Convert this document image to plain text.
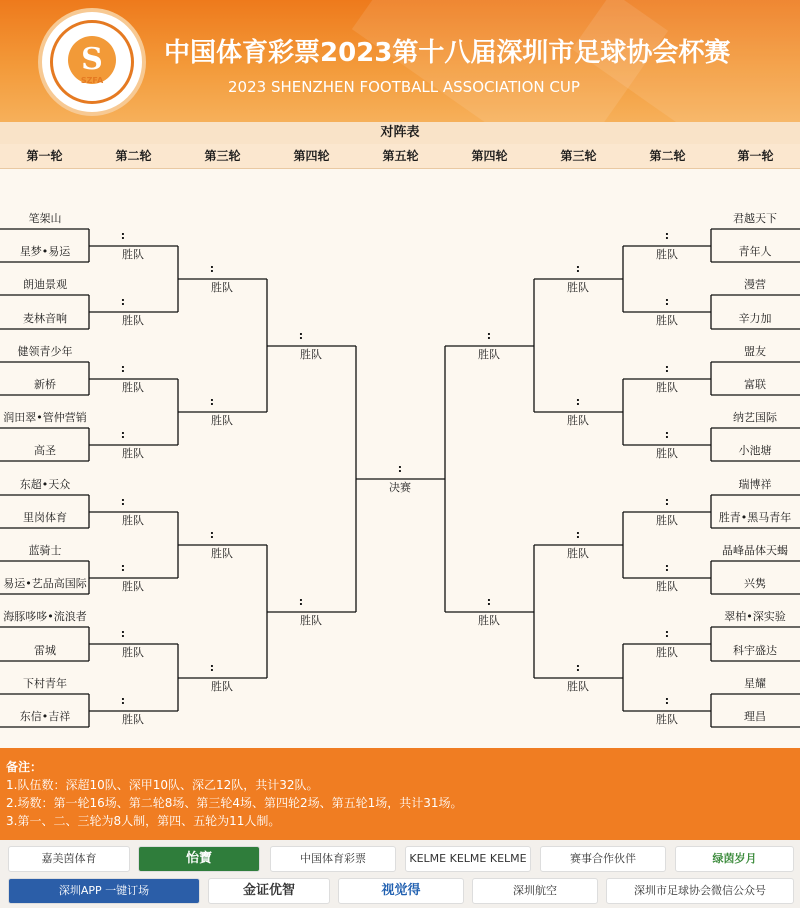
S
SZFA
中国体育彩票2023第十八届深圳市足球协会杯赛
2023 SHENZHEN FOOTBALL ASSOCIATION CUP
对阵表
第一轮	第二轮	第三轮	第四轮	第五轮	第四轮	第三轮	第二轮	第一轮
笔架山
星梦•易运
朗迪景观
麦林音响
健领青少年
新桥
润田翠•管仲营销
高圣
东超•天众
里岗体育
蓝骑士
易运•艺品高国际
海豚哆哆•流浪者
雷城
下村青年
东信•吉祥
:
胜队
:
胜队
:
胜队
:
胜队
:
胜队
:
胜队
:
胜队
:
胜队
:
胜队
:
胜队
:
胜队
:
胜队
:
胜队
:
胜队
君越天下
青年人
漫营
辛力加
盟友
富联
纳艺国际
小池塘
瑞博祥
胜青•黑马青年
晶峰晶体天蝎
兴隽
翠柏•深实验
科宇盛达
星耀
理昌
:
胜队
:
胜队
:
胜队
:
胜队
:
胜队
:
胜队
:
胜队
:
胜队
:
胜队
:
胜队
:
胜队
:
胜队
:
胜队
:
胜队
:
决赛
备注：
1.队伍数：深超10队、深甲10队、深乙12队，共计32队。
2.场数：第一轮16场、第二轮8场、第三轮4场、第四轮2场、第五轮1场，共计31场。
3.第一、二、三轮为8人制，第四、五轮为11人制。
嘉美茵体育	怡寶	中国体育彩票	KELME KELME KELME	赛事合作伙伴	绿茵岁月
深圳APP 一键订场	金证优智	视觉得	深圳航空	深圳市足球协会微信公众号
